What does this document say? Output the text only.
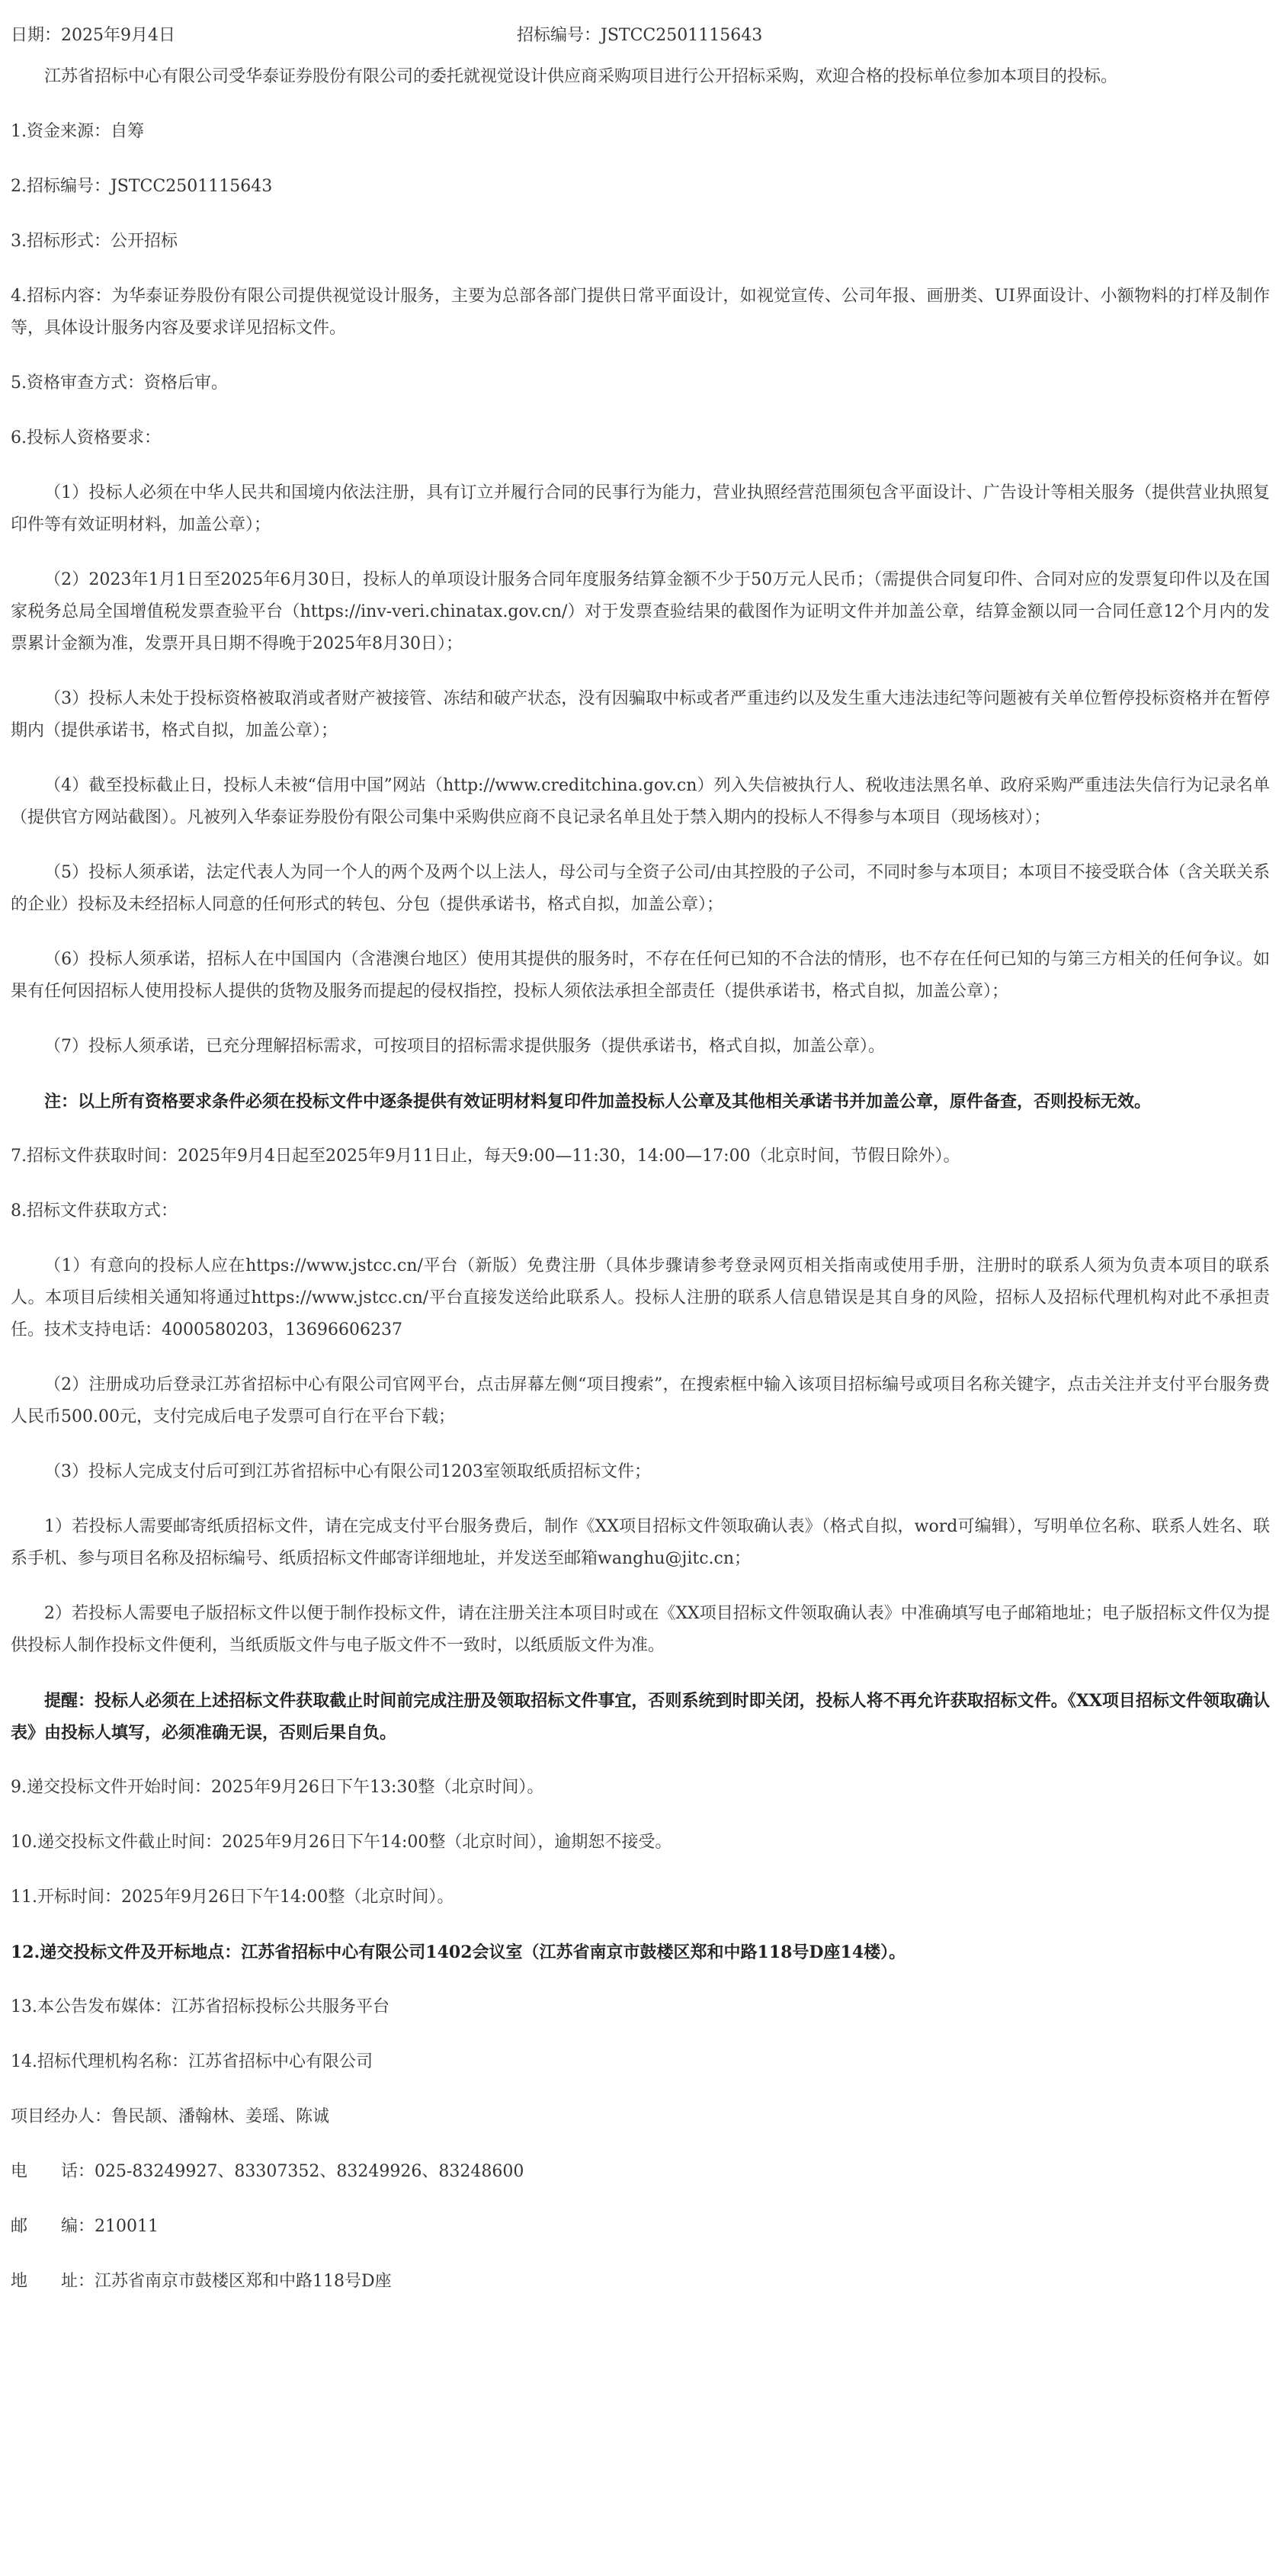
日期：2025年9月4日	招标编号：JSTCC2501115643

江苏省招标中心有限公司受华泰证券股份有限公司的委托就视觉设计供应商采购项目进行公开招标采购，欢迎合格的投标单位参加本项目的投标。

1.资金来源：自筹

2.招标编号：JSTCC2501115643

3.招标形式：公开招标

4.招标内容：为华泰证券股份有限公司提供视觉设计服务，主要为总部各部门提供日常平面设计，如视觉宣传、公司年报、画册类、UI界面设计、小额物料的打样及制作等，具体设计服务内容及要求详见招标文件。

5.资格审查方式：资格后审。

6.投标人资格要求：

（1）投标人必须在中华人民共和国境内依法注册，具有订立并履行合同的民事行为能力，营业执照经营范围须包含平面设计、广告设计等相关服务（提供营业执照复印件等有效证明材料，加盖公章）；

（2）2023年1月1日至2025年6月30日，投标人的单项设计服务合同年度服务结算金额不少于50万元人民币；（需提供合同复印件、合同对应的发票复印件以及在国家税务总局全国增值税发票查验平台（https://inv-veri.chinatax.gov.cn/）对于发票查验结果的截图作为证明文件并加盖公章，结算金额以同一合同任意12个月内的发票累计金额为准，发票开具日期不得晚于2025年8月30日）；

（3）投标人未处于投标资格被取消或者财产被接管、冻结和破产状态，没有因骗取中标或者严重违约以及发生重大违法违纪等问题被有关单位暂停投标资格并在暂停期内（提供承诺书，格式自拟，加盖公章）；

（4）截至投标截止日，投标人未被“信用中国”网站（http://www.creditchina.gov.cn）列入失信被执行人、税收违法黑名单、政府采购严重违法失信行为记录名单（提供官方网站截图）。凡被列入华泰证券股份有限公司集中采购供应商不良记录名单且处于禁入期内的投标人不得参与本项目（现场核对）；

（5）投标人须承诺，法定代表人为同一个人的两个及两个以上法人，母公司与全资子公司/由其控股的子公司，不同时参与本项目；本项目不接受联合体（含关联关系的企业）投标及未经招标人同意的任何形式的转包、分包（提供承诺书，格式自拟，加盖公章）；

（6）投标人须承诺，招标人在中国国内（含港澳台地区）使用其提供的服务时，不存在任何已知的不合法的情形，也不存在任何已知的与第三方相关的任何争议。如果有任何因招标人使用投标人提供的货物及服务而提起的侵权指控，投标人须依法承担全部责任（提供承诺书，格式自拟，加盖公章）；

（7）投标人须承诺，已充分理解招标需求，可按项目的招标需求提供服务（提供承诺书，格式自拟，加盖公章）。

注：以上所有资格要求条件必须在投标文件中逐条提供有效证明材料复印件加盖投标人公章及其他相关承诺书并加盖公章，原件备查，否则投标无效。

7.招标文件获取时间：2025年9月4日起至2025年9月11日止，每天9:00—11:30，14:00—17:00（北京时间，节假日除外）。

8.招标文件获取方式：

（1）有意向的投标人应在https://www.jstcc.cn/平台（新版）免费注册（具体步骤请参考登录网页相关指南或使用手册，注册时的联系人须为负责本项目的联系人。本项目后续相关通知将通过https://www.jstcc.cn/平台直接发送给此联系人。投标人注册的联系人信息错误是其自身的风险，招标人及招标代理机构对此不承担责任。技术支持电话：4000580203，13696606237

（2）注册成功后登录江苏省招标中心有限公司官网平台，点击屏幕左侧“项目搜索”，在搜索框中输入该项目招标编号或项目名称关键字，点击关注并支付平台服务费人民币500.00元，支付完成后电子发票可自行在平台下载；

（3）投标人完成支付后可到江苏省招标中心有限公司1203室领取纸质招标文件；

1）若投标人需要邮寄纸质招标文件，请在完成支付平台服务费后，制作《XX项目招标文件领取确认表》（格式自拟，word可编辑），写明单位名称、联系人姓名、联系手机、参与项目名称及招标编号、纸质招标文件邮寄详细地址，并发送至邮箱wanghu@jitc.cn；

2）若投标人需要电子版招标文件以便于制作投标文件，请在注册关注本项目时或在《XX项目招标文件领取确认表》中准确填写电子邮箱地址；电子版招标文件仅为提供投标人制作投标文件便利，当纸质版文件与电子版文件不一致时，以纸质版文件为准。

提醒：投标人必须在上述招标文件获取截止时间前完成注册及领取招标文件事宜，否则系统到时即关闭，投标人将不再允许获取招标文件。《XX项目招标文件领取确认表》由投标人填写，必须准确无误，否则后果自负。

9.递交投标文件开始时间：2025年9月26日下午13:30整（北京时间）。

10.递交投标文件截止时间：2025年9月26日下午14:00整（北京时间），逾期恕不接受。

11.开标时间：2025年9月26日下午14:00整（北京时间）。

12.递交投标文件及开标地点：江苏省招标中心有限公司1402会议室（江苏省南京市鼓楼区郑和中路118号D座14楼）。

13.本公告发布媒体：江苏省招标投标公共服务平台

14.招标代理机构名称：江苏省招标中心有限公司

项目经办人：鲁民颉、潘翰林、姜瑶、陈诚

电　　话：025-83249927、83307352、83249926、83248600

邮　　编：210011

地　　址：江苏省南京市鼓楼区郑和中路118号D座
